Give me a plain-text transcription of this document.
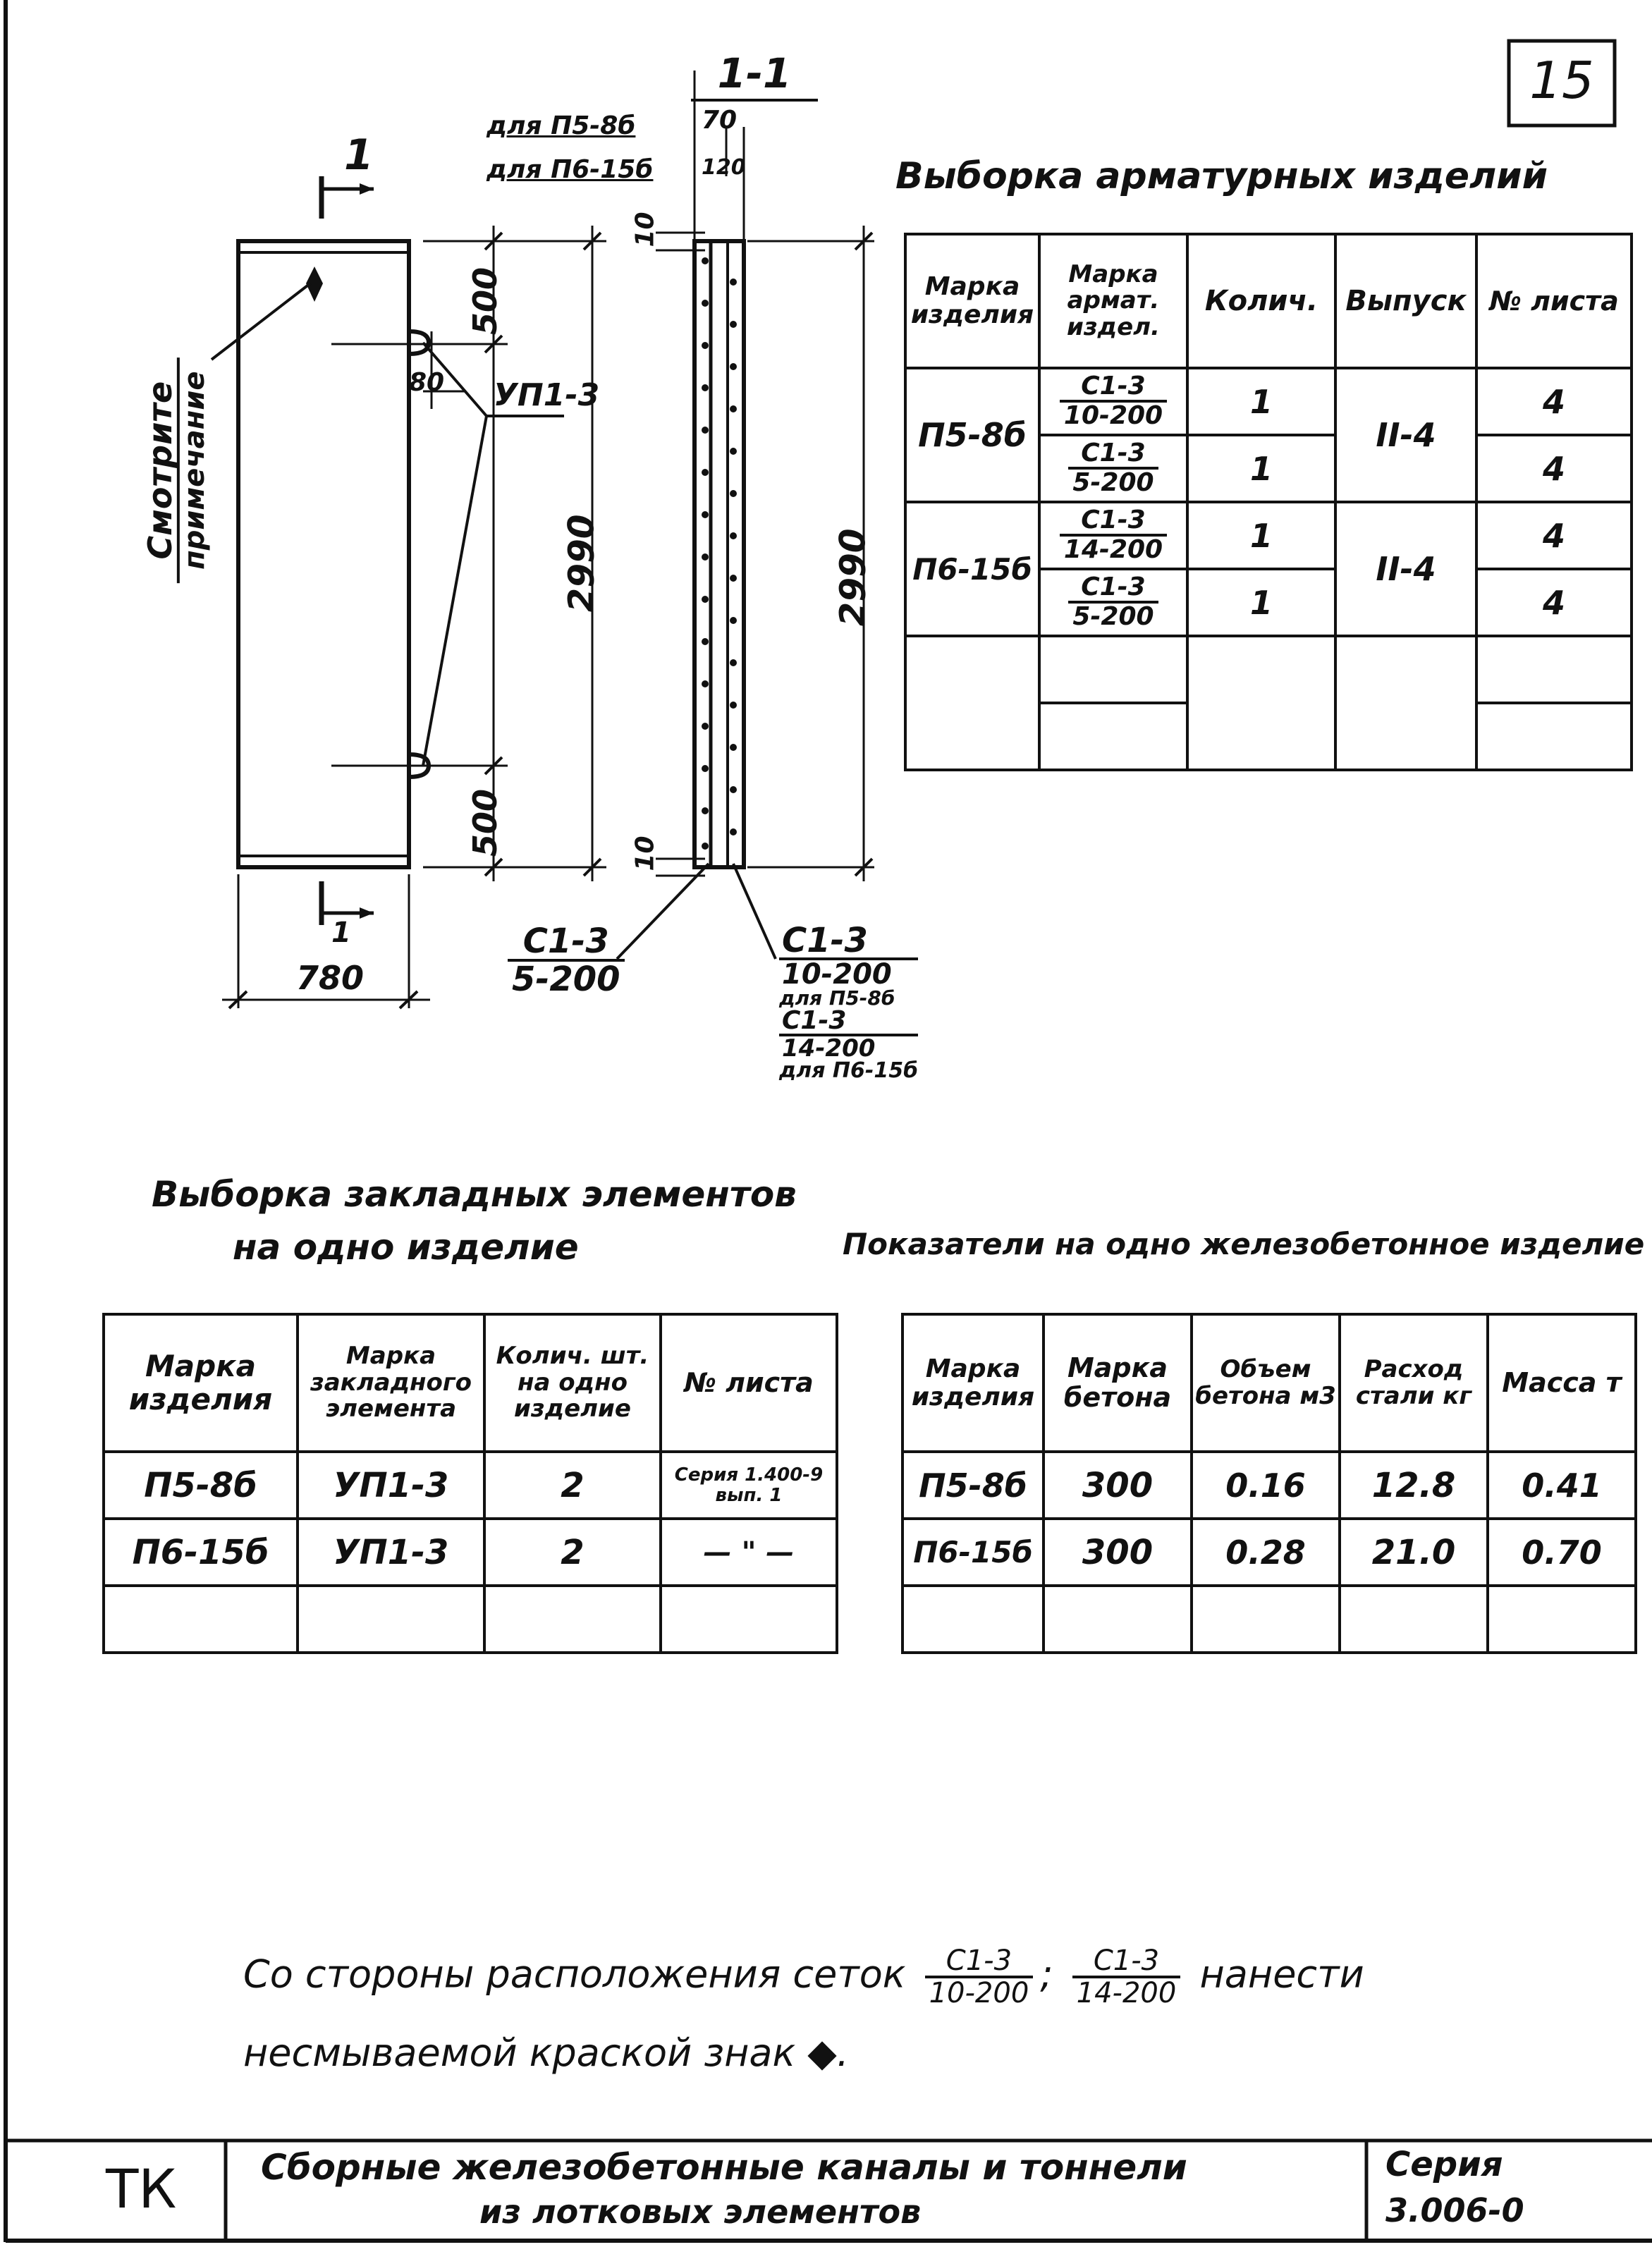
15
1-1
для П5-8б	70
для П6-15б 120
1
1
Смотрите примечание
500
80 УП1-3
2990
500
780
10
10
2990
$\frac{С1-3}{5-200}$	С1-3
10-200
для П5-8б
С1-3
14-200
для П6-15б
Выборка арматурных изделий
Марка изделия	Марка армат. издел.	Колич.	Выпуск	№ листа
П5-8б	$\frac{С1-3}{10-200}$	1	II-4	4

	$\frac{С1-3}{5-200}$	1		4
П6-15б	$\frac{С1-3}{14-200}$	1	II-4	4

	$\frac{С1-3}{5-200}$	1		4

Выборка закладных элементов
на одно изделие
Марка изделия	Марка закладного элемента	Колич. шт. на одно изделие	№ листа
П5-8б	УП1-3	2	Серия 1.400-9 вып. 1
П6-15б	УП1-3	2	— " —

Показатели на одно железобетонное изделие
Марка изделия	Марка бетона	Объем бетона м3	Расход стали кг	Масса т
П5-8б	300	0.16	12.8	0.41
П6-15б	300	0.28	21.0	0.70

Со стороны расположения сеток $\frac{С1-3}{10-200}$ ; $\frac{С1-3}{14-200}$ нанести
несмываемой краской знак ◆.
ТК Сборные железобетонные каналы и тоннели
из лотковых элементов
Серия
3.006-0
